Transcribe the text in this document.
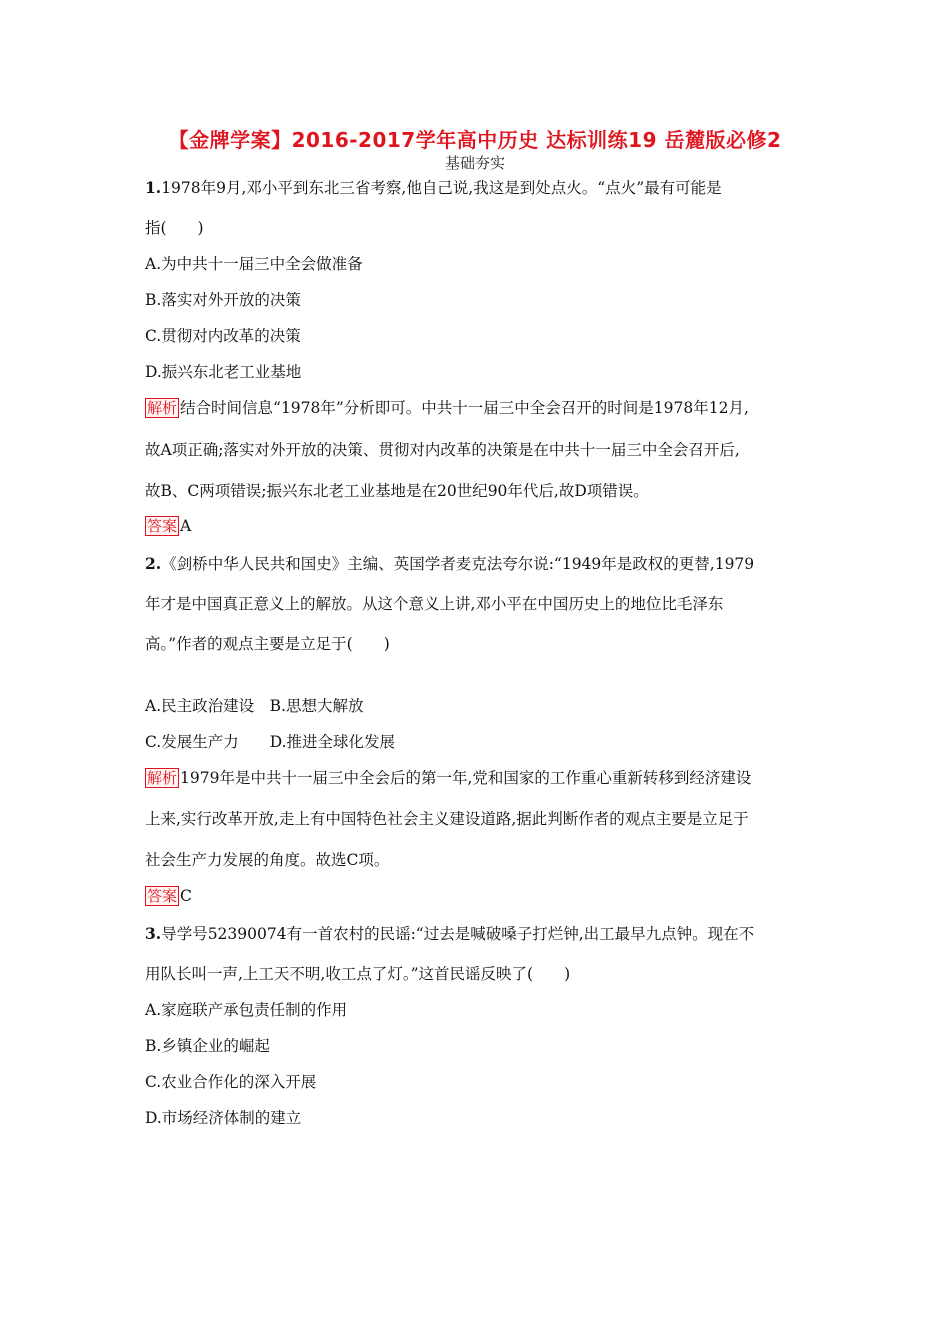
【金牌学案】2016-2017学年高中历史 达标训练19 岳麓版必修2
基础夯实
1.1978年9月,邓小平到东北三省考察,他自己说,我这是到处点火。“点火”最有可能是
指(　　)
A.为中共十一届三中全会做准备
B.落实对外开放的决策
C.贯彻对内改革的决策
D.振兴东北老工业基地
解析 结合时间信息“1978年”分析即可。中共十一届三中全会召开的时间是1978年12月,
故A项正确;落实对外开放的决策、贯彻对内改革的决策是在中共十一届三中全会召开后,
故B、C两项错误;振兴东北老工业基地是在20世纪90年代后,故D项错误。
答案 A
2.《剑桥中华人民共和国史》主编、英国学者麦克法夸尔说:“1949年是政权的更替,1979
年才是中国真正意义上的解放。从这个意义上讲,邓小平在中国历史上的地位比毛泽东
高。”作者的观点主要是立足于(　　)
A.民主政治建设　B.思想大解放
C.发展生产力　　D.推进全球化发展
解析 1979年是中共十一届三中全会后的第一年,党和国家的工作重心重新转移到经济建设
上来,实行改革开放,走上有中国特色社会主义建设道路,据此判断作者的观点主要是立足于
社会生产力发展的角度。故选C项。
答案 C
3.导学号52390074有一首农村的民谣:“过去是喊破嗓子打烂钟,出工最早九点钟。现在不
用队长叫一声,上工天不明,收工点了灯。”这首民谣反映了(　　)
A.家庭联产承包责任制的作用
B.乡镇企业的崛起
C.农业合作化的深入开展
D.市场经济体制的建立
